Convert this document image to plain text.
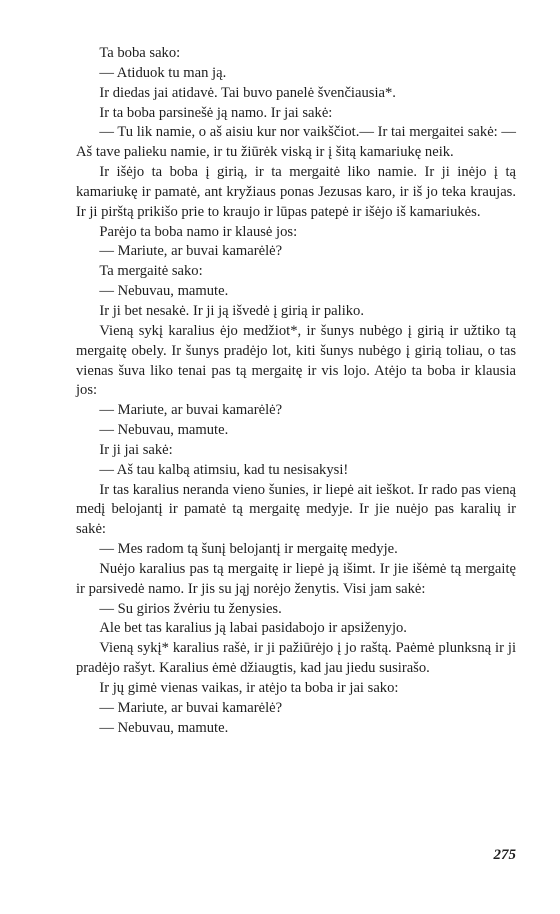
Ta boba sako:

— Atiduok tu man ją.

Ir diedas jai atidavė. Tai buvo panelė švenčiausia*.

Ir ta boba parsinešė ją namo. Ir jai sakė:

— Tu lik namie, o aš aisiu kur nor vaikščiot.— Ir tai mergaitei sakė: — Aš tave palieku namie, ir tu žiūrėk viską ir į šitą kamariukę neik.

Ir išėjo ta boba į girią, ir ta mergaitė liko namie. Ir ji inėjo į tą kamariukę ir pamatė, ant kryžiaus ponas Jezusas karo, ir iš jo teka kraujas. Ir ji pirštą prikišo prie to kraujo ir lūpas patepė ir išėjo iš kamariukės.

Parėjo ta boba namo ir klausė jos:

— Mariute, ar buvai kamarėlė?

Ta mergaitė sako:

— Nebuvau, mamute.

Ir ji bet nesakė. Ir ji ją išvedė į girią ir paliko.

Vieną sykį karalius ėjo medžiot*, ir šunys nubėgo į girią ir užtiko tą mergaitę obely. Ir šunys pradėjo lot, kiti šunys nubėgo į girią toliau, o tas vienas šuva liko tenai pas tą mergaitę ir vis lojo. Atėjo ta boba ir klausia jos:

— Mariute, ar buvai kamarėlė?

— Nebuvau, mamute.

Ir ji jai sakė:

— Aš tau kalbą atimsiu, kad tu nesisakysi!

Ir tas karalius neranda vieno šunies, ir liepė ait ieškot. Ir rado pas vieną medį belojantį ir pamatė tą mergaitę medyje. Ir jie nuėjo pas karalių ir sakė:

— Mes radom tą šunį belojantį ir mergaitę medyje.

Nuėjo karalius pas tą mergaitę ir liepė ją išimt. Ir jie išėmė tą mergaitę ir parsivedė namo. Ir jis su jąj norėjo ženytis. Visi jam sakė:

— Su girios žvėriu tu ženysies.

Ale bet tas karalius ją labai pasidabojo ir apsiženyjo.

Vieną sykį* karalius rašė, ir ji pažiūrėjo į jo raštą. Paėmė plunksną ir ji pradėjo rašyt. Karalius ėmė džiaugtis, kad jau jiedu susirašo.

Ir jų gimė vienas vaikas, ir atėjo ta boba ir jai sako:

— Mariute, ar buvai kamarėlė?

— Nebuvau, mamute.

275
